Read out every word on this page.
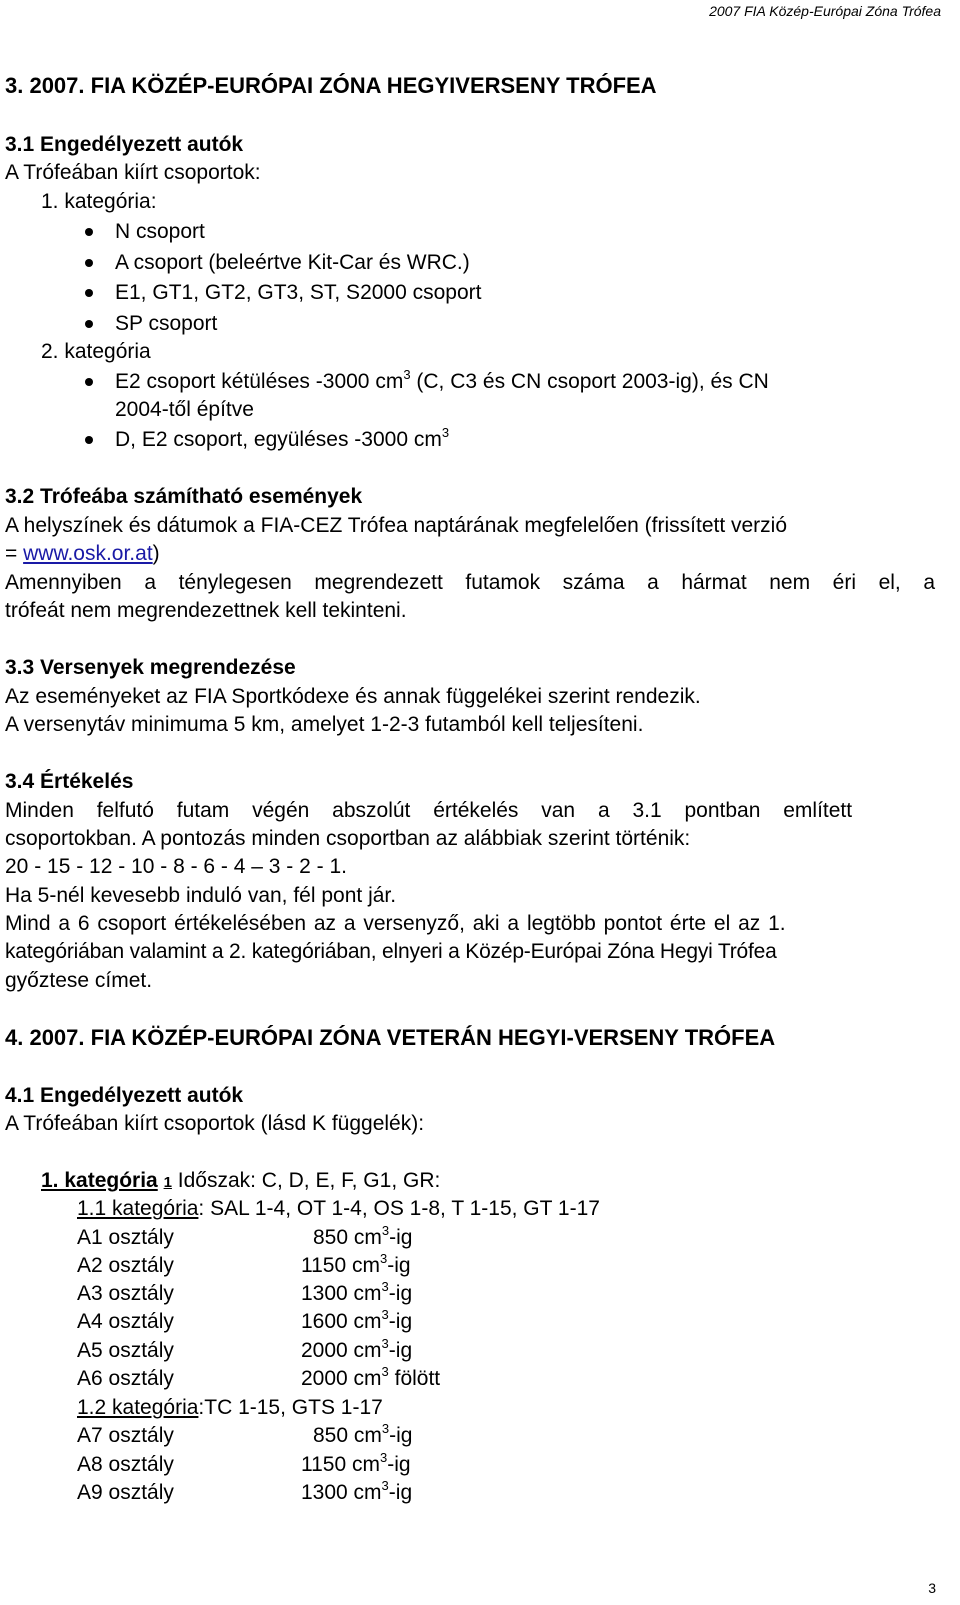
2007 FIA Közép-Európai Zóna Trófea
3. 2007. FIA KÖZÉP-EURÓPAI ZÓNA HEGYIVERSENY TRÓFEA
3.1 Engedélyezett autók
A Trófeában kiírt csoportok:
1. kategória:
N csoport
A csoport (beleértve Kit-Car és WRC.)
E1, GT1, GT2, GT3, ST, S2000 csoport
SP csoport
2. kategória
E2 csoport kétüléses -3000 $cm^3$ (C, C3 és CN csoport 2003-ig), és CN
2004-től építve
D, E2 csoport, együléses -3000 $cm^3$
3.2 Trófeába számítható események
A helyszínek és dátumok a FIA-CEZ Trófea naptárának megfelelően (frissített verzió
= www.osk.or.at)
Amennyiben a ténylegesen megrendezett futamok száma a hármat nem éri el, a
trófeát nem megrendezettnek kell tekinteni.
3.3 Versenyek megrendezése
Az eseményeket az FIA Sportkódexe és annak függelékei szerint rendezik.
A versenytáv minimuma 5 km, amelyet 1-2-3 futamból kell teljesíteni.
3.4 Értékelés
Minden felfutó futam végén abszolút értékelés van a 3.1 pontban említett
csoportokban. A pontozás minden csoportban az alábbiak szerint történik:
20 - 15 - 12 - 10 - 8 - 6 - 4 – 3 - 2 - 1.
Ha 5-nél kevesebb induló van, fél pont jár.
Mind a 6 csoport értékelésében az a versenyző, aki a legtöbb pontot érte el az 1.
kategóriában valamint a 2. kategóriában, elnyeri a Közép-Európai Zóna Hegyi Trófea
győztese címet.
4. 2007. FIA KÖZÉP-EURÓPAI ZÓNA VETERÁN HEGYI-VERSENY TRÓFEA
4.1 Engedélyezett autók
A Trófeában kiírt csoportok (lásd K függelék):
1. kategória 1 Időszak: C, D, E, F, G1, GR:
1.1 kategória: SAL 1-4, OT 1-4, OS 1-8, T 1-15, GT 1-17
A1 osztály	850 $cm^3-ig$
A2 osztály	1150 $cm^3-ig$
A3 osztály	1300 $cm^3-ig$
A4 osztály	1600 $cm^3-ig$
A5 osztály	2000 $cm^3-ig$
A6 osztály	2000 $cm^3$ fölött
1.2 kategória:TC 1-15, GTS 1-17
A7 osztály	850 $cm^3-ig$
A8 osztály	1150 $cm^3-ig$
A9 osztály	1300 $cm^3-ig$
3
